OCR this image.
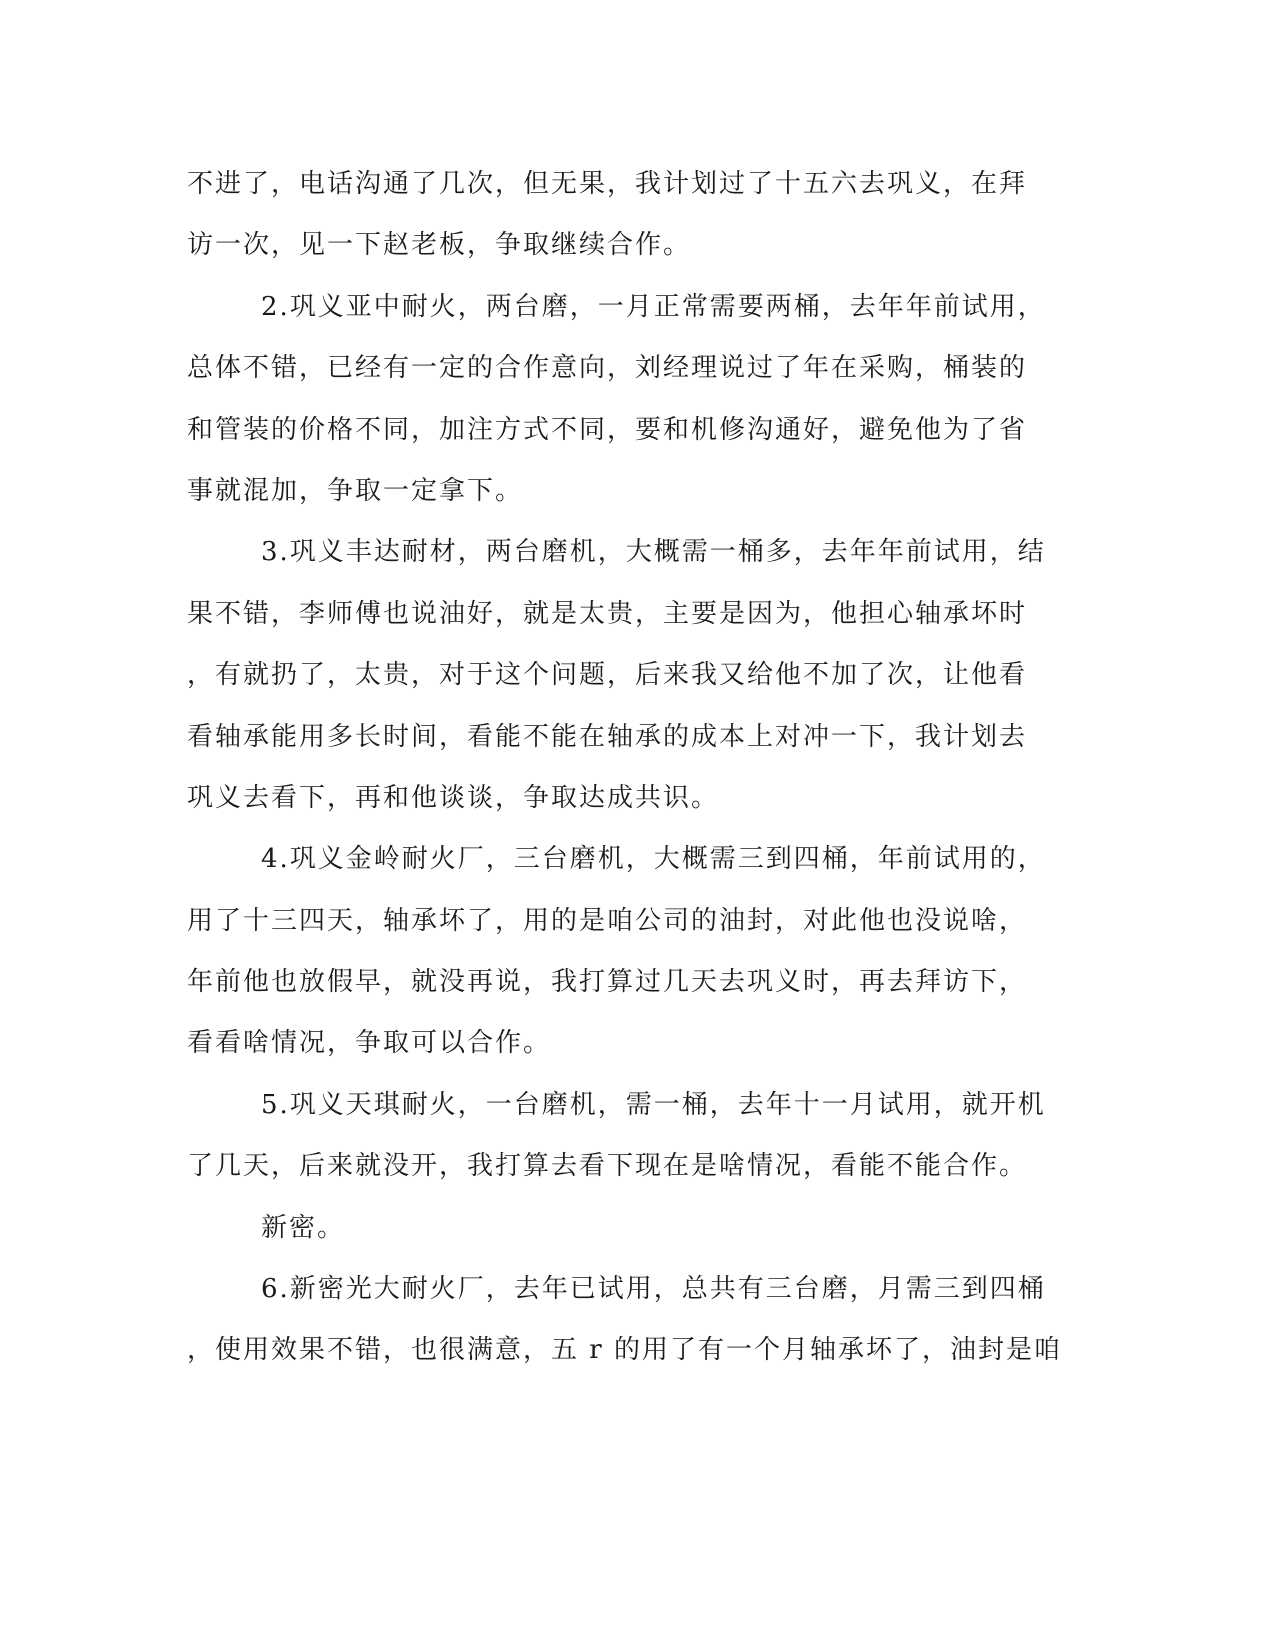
不进了，电话沟通了几次，但无果，我计划过了十五六去巩义，在拜
访一次，见一下赵老板，争取继续合作。
2.巩义亚中耐火，两台磨，一月正常需要两桶，去年年前试用，
总体不错，已经有一定的合作意向，刘经理说过了年在采购，桶装的
和管装的价格不同，加注方式不同，要和机修沟通好，避免他为了省
事就混加，争取一定拿下。
3.巩义丰达耐材，两台磨机，大概需一桶多，去年年前试用，结
果不错，李师傅也说油好，就是太贵，主要是因为，他担心轴承坏时
，有就扔了，太贵，对于这个问题，后来我又给他不加了次，让他看
看轴承能用多长时间，看能不能在轴承的成本上对冲一下，我计划去
巩义去看下，再和他谈谈，争取达成共识。
4.巩义金岭耐火厂，三台磨机，大概需三到四桶，年前试用的，
用了十三四天，轴承坏了，用的是咱公司的油封，对此他也没说啥，
年前他也放假早，就没再说，我打算过几天去巩义时，再去拜访下，
看看啥情况，争取可以合作。
5.巩义天琪耐火，一台磨机，需一桶，去年十一月试用，就开机
了几天，后来就没开，我打算去看下现在是啥情况，看能不能合作。
新密。
6.新密光大耐火厂，去年已试用，总共有三台磨，月需三到四桶
，使用效果不错，也很满意，五 r 的用了有一个月轴承坏了，油封是咱
